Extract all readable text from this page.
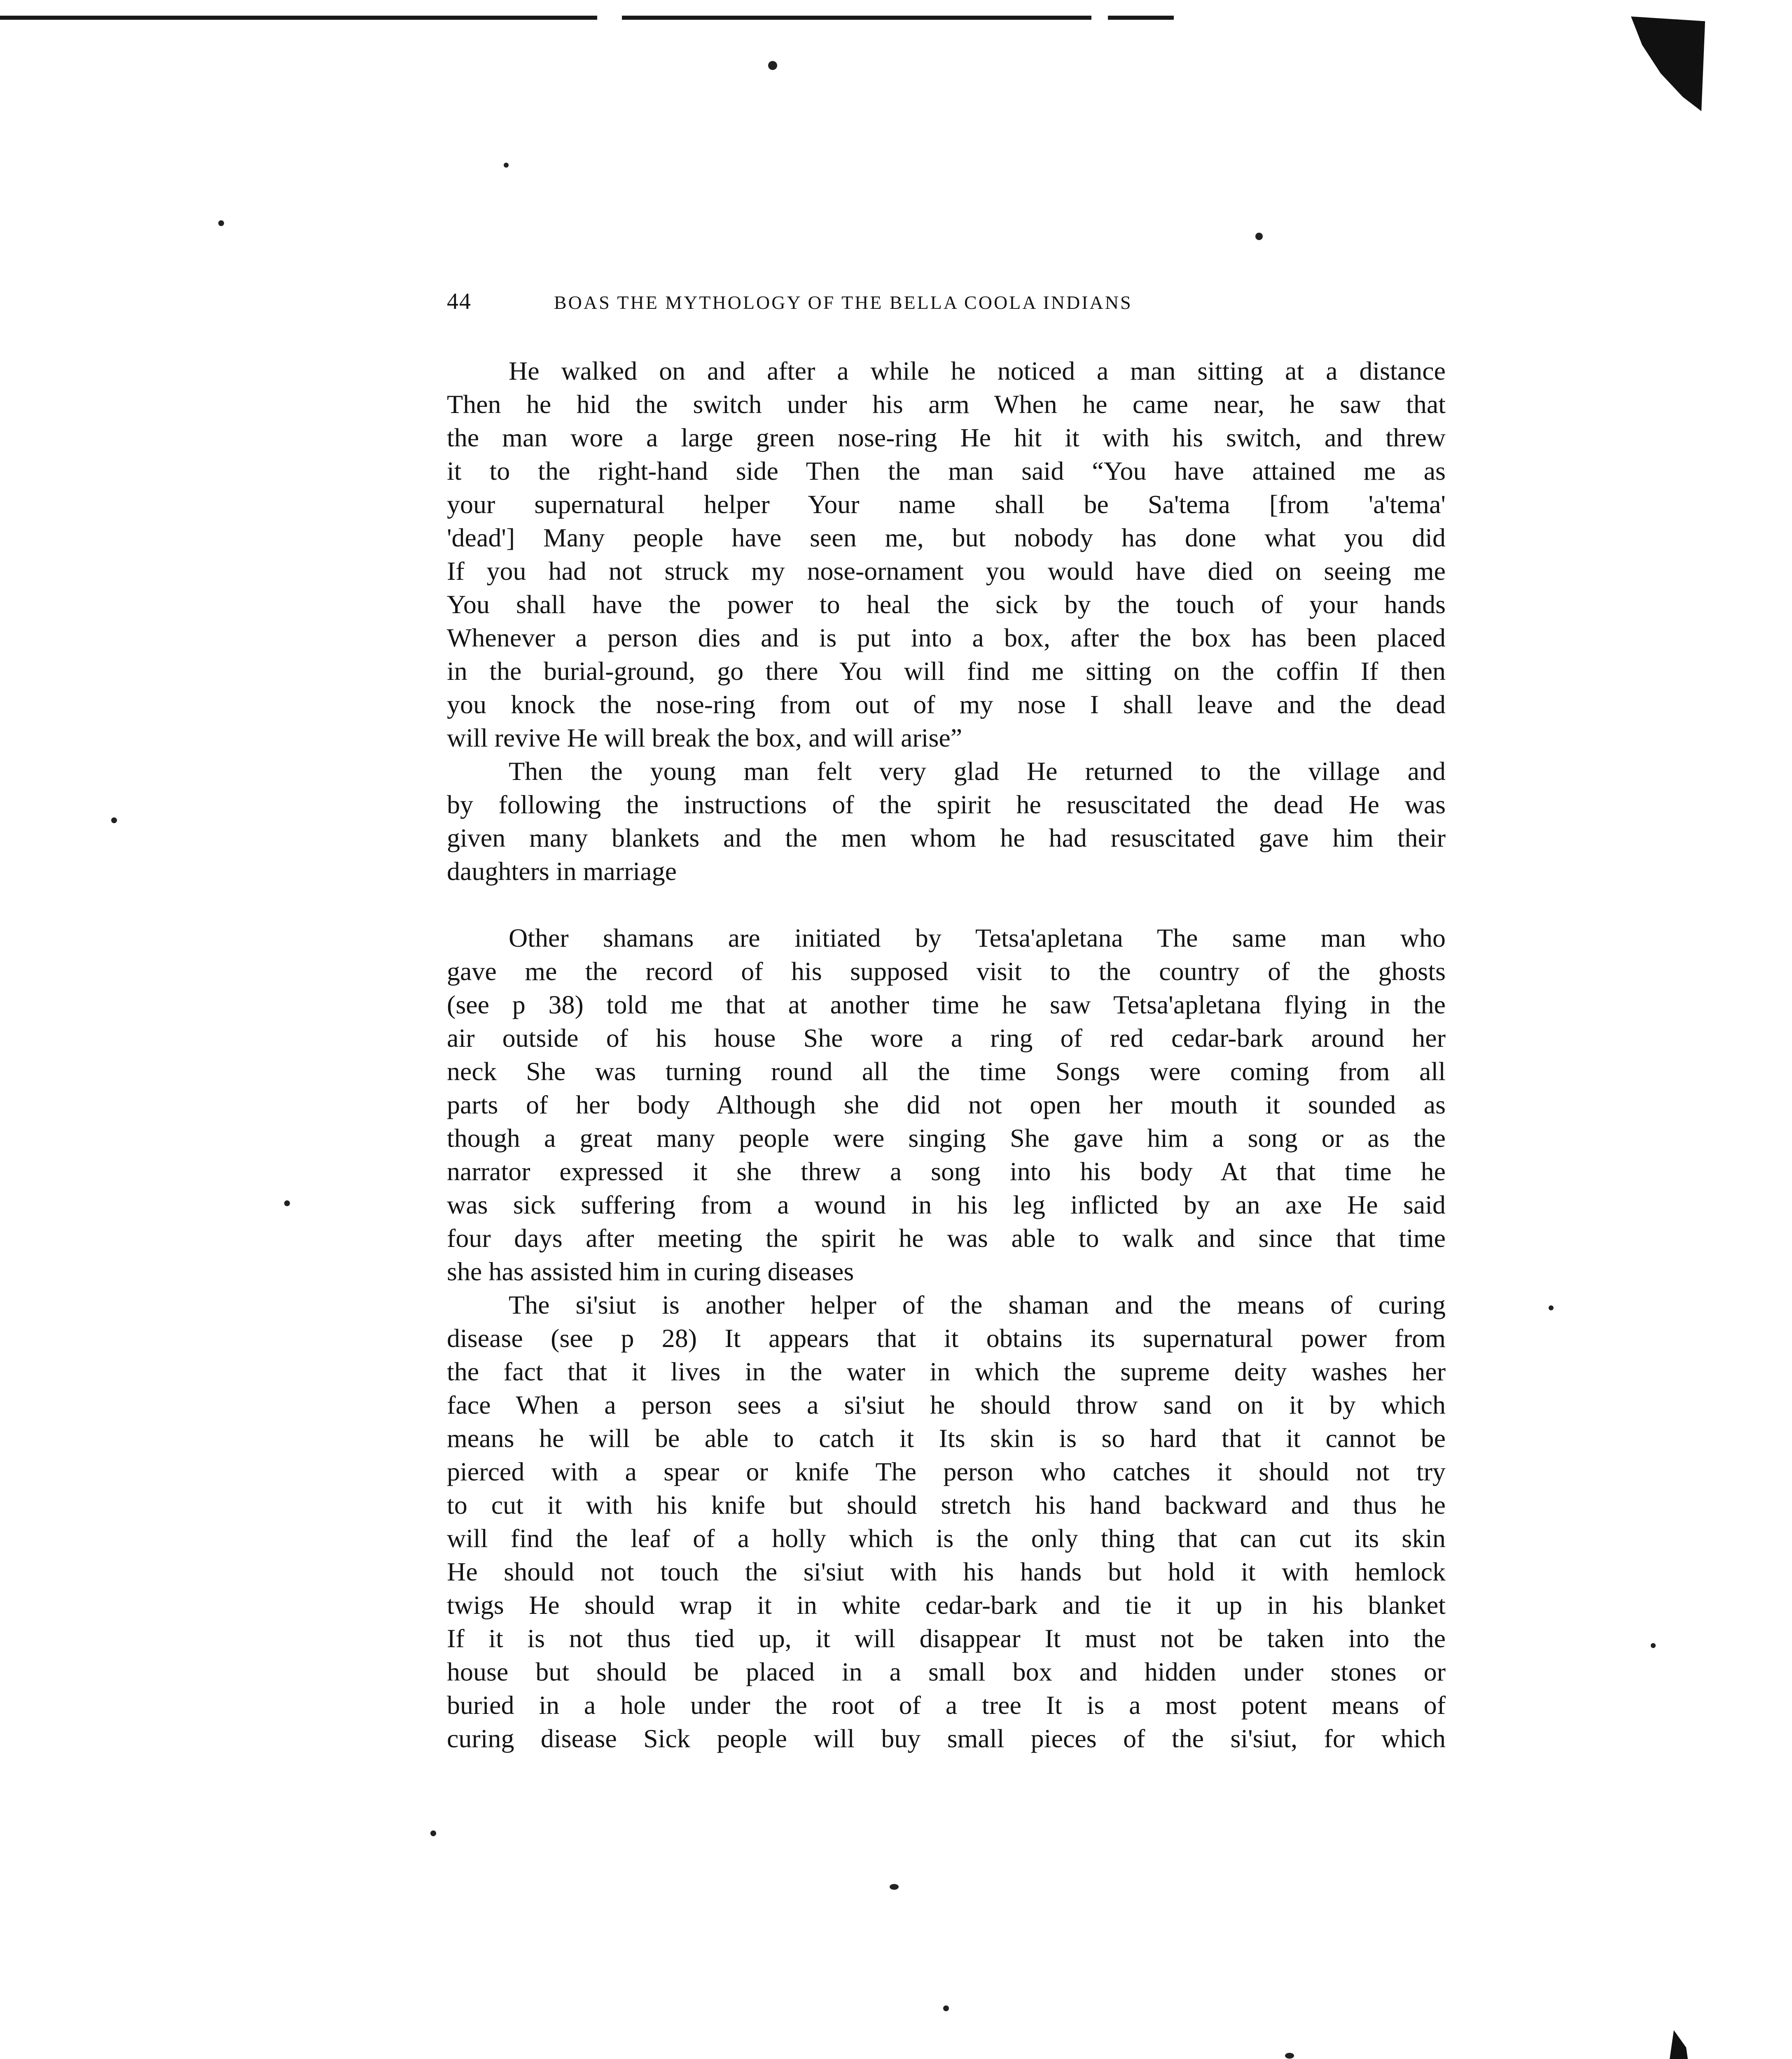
44	BOAS THE MYTHOLOGY OF THE BELLA COOLA INDIANS
He walked on and after a while he noticed a man sitting at a distance
Then he hid the switch under his arm When he came near, he saw that
the man wore a large green nose-ring He hit it with his switch, and threw
it to the right-hand side Then the man said “You have attained me as
your supernatural helper Your name shall be Sa'tema [from 'a'tema'
'dead'] Many people have seen me, but nobody has done what you did
If you had not struck my nose-ornament you would have died on seeing me
You shall have the power to heal the sick by the touch of your hands
Whenever a person dies and is put into a box, after the box has been placed
in the burial-ground, go there You will find me sitting on the coffin If then
you knock the nose-ring from out of my nose I shall leave and the dead
will revive He will break the box, and will arise”
Then the young man felt very glad He returned to the village and
by following the instructions of the spirit he resuscitated the dead He was
given many blankets and the men whom he had resuscitated gave him their
daughters in marriage
Other shamans are initiated by Tetsa'apletana The same man who
gave me the record of his supposed visit to the country of the ghosts
(see p 38) told me that at another time he saw Tetsa'apletana flying in the
air outside of his house She wore a ring of red cedar-bark around her
neck She was turning round all the time Songs were coming from all
parts of her body Although she did not open her mouth it sounded as
though a great many people were singing She gave him a song or as the
narrator expressed it she threw a song into his body At that time he
was sick suffering from a wound in his leg inflicted by an axe He said
four days after meeting the spirit he was able to walk and since that time
she has assisted him in curing diseases
The si'siut is another helper of the shaman and the means of curing
disease (see p 28) It appears that it obtains its supernatural power from
the fact that it lives in the water in which the supreme deity washes her
face When a person sees a si'siut he should throw sand on it by which
means he will be able to catch it Its skin is so hard that it cannot be
pierced with a spear or knife The person who catches it should not try
to cut it with his knife but should stretch his hand backward and thus he
will find the leaf of a holly which is the only thing that can cut its skin
He should not touch the si'siut with his hands but hold it with hemlock
twigs He should wrap it in white cedar-bark and tie it up in his blanket
If it is not thus tied up, it will disappear It must not be taken into the
house but should be placed in a small box and hidden under stones or
buried in a hole under the root of a tree It is a most potent means of
curing disease Sick people will buy small pieces of the si'siut, for which
